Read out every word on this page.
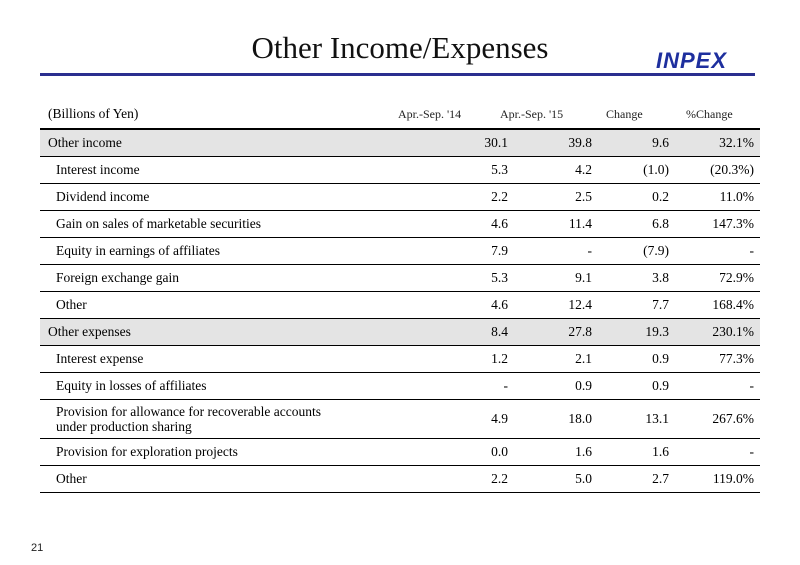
Other Income/Expenses	INPEX
(Billions of Yen)	Apr.-Sep. '14	Apr.-Sep. '15	Change	%Change
Other income	30.1	39.8	9.6	32.1%
Interest income	5.3	4.2	(1.0)	(20.3%)
Dividend income	2.2	2.5	0.2	11.0%
Gain on sales of marketable securities	4.6	11.4	6.8	147.3%
Equity in earnings of affiliates	7.9	-	(7.9)	-
Foreign exchange gain	5.3	9.1	3.8	72.9%
Other	4.6	12.4	7.7	168.4%
Other expenses	8.4	27.8	19.3	230.1%
Interest expense	1.2	2.1	0.9	77.3%
Equity in losses of affiliates	-	0.9	0.9	-
Provision for allowance for recoverable accounts
under production sharing
4.9	18.0	13.1	267.6%
Provision for exploration projects	0.0	1.6	1.6	-
Other	2.2	5.0	2.7	119.0%
21
